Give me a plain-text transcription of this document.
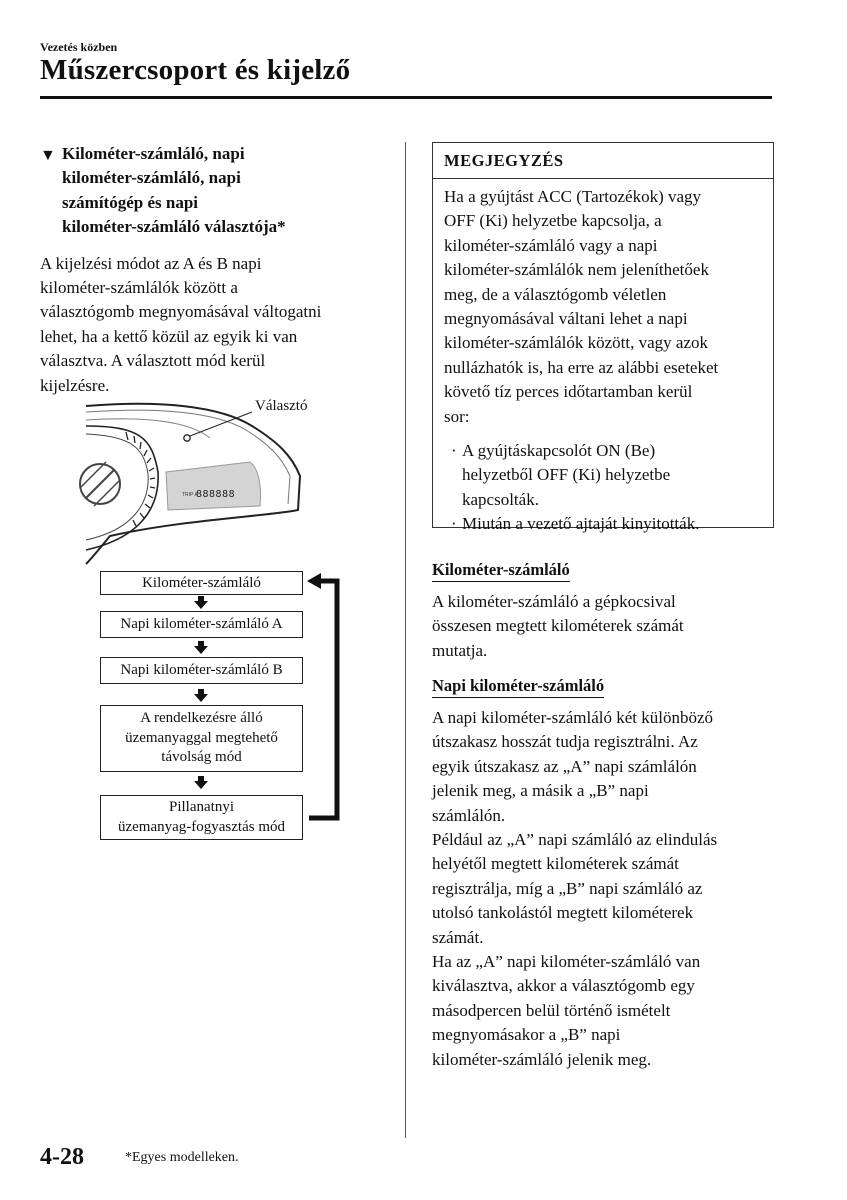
Vezetés közben
Műszercsoport és kijelző
▼ Kilométer-számláló, napi
kilométer-számláló, napi
számítógép és napi
kilométer-számláló választója*

A kijelzési módot az A és B napi
kilométer-számlálók között a
választógomb megnyomásával váltogatni
lehet, ha a kettő közül az egyik ki van
választva. A választott mód kerül
kijelzésre.

TRIP A
888888
Választó
Kilométer-számláló
Napi kilométer-számláló A
Napi kilométer-számláló B
A rendelkezésre álló
üzemanyaggal megtehető
távolság mód
Pillanatnyi
üzemanyag-fogyasztás mód
MEGJEGYZÉS
Ha a gyújtást ACC (Tartozékok) vagy
OFF (Ki) helyzetbe kapcsolja, a
kilométer-számláló vagy a napi
kilométer-számlálók nem jeleníthetőek
meg, de a választógomb véletlen
megnyomásával váltani lehet a napi
kilométer-számlálók között, vagy azok
nullázhatók is, ha erre az alábbi eseteket
követő tíz perces időtartamban kerül
sor:
· A gyújtáskapcsolót ON (Be)
helyzetből OFF (Ki) helyzetbe
kapcsolták.
· Miután a vezető ajtaját kinyitották.
Kilométer-számláló
A kilométer-számláló a gépkocsival
összesen megtett kilométerek számát
mutatja.
Napi kilométer-számláló
A napi kilométer-számláló két különböző
útszakasz hosszát tudja regisztrálni. Az
egyik útszakasz az „A” napi számlálón
jelenik meg, a másik a „B” napi
számlálón.
Például az „A” napi számláló az elindulás
helyétől megtett kilométerek számát
regisztrálja, míg a „B” napi számláló az
utolsó tankolástól megtett kilométerek
számát.
Ha az „A” napi kilométer-számláló van
kiválasztva, akkor a választógomb egy
másodpercen belül történő ismételt
megnyomásakor a „B” napi
kilométer-számláló jelenik meg.
4-28	*Egyes modelleken.
